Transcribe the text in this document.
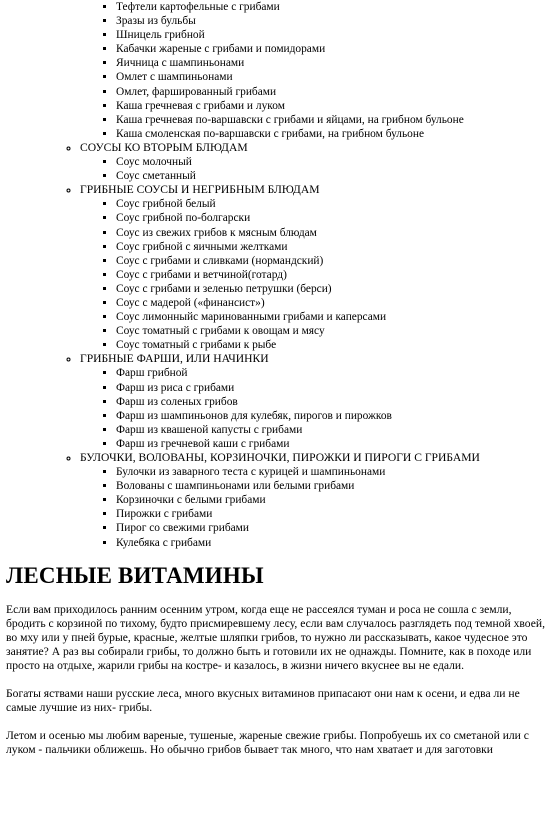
▪ Тефтели картофельные с грибами
▪ Зразы из бульбы
▪ Шницель грибной
▪ Кабачки жареные с грибами и помидорами
▪ Яичница с шампиньонами
▪ Омлет с шампиньонами
▪ Омлет, фаршированный грибами
▪ Каша гречневая с грибами и луком
▪ Каша гречневая по-варшавски с грибами и яйцами, на грибном бульоне
▪ Каша смоленская по-варшавски с грибами, на грибном бульоне
◦ СОУСЫ КО ВТОРЫМ БЛЮДАМ
▪ Соус молочный
▪ Соус сметанный
◦ ГРИБНЫЕ СОУСЫ И НЕГРИБНЫМ БЛЮДАМ
▪ Соус грибной белый
▪ Соус грибной по-болгарски
▪ Соус из свежих грибов к мясным блюдам
▪ Соус грибной с яичными желтками
▪ Соус с грибами и сливками (нормандский)
▪ Соус с грибами и ветчиной(готард)
▪ Соус с грибами и зеленью петрушки (берси)
▪ Соус с мадерой («финансист»)
▪ Соус лимонныйс маринованными грибами и каперсами
▪ Соус томатный с грибами к овощам и мясу
▪ Соус томатный с грибами к рыбе
◦ ГРИБНЫЕ ФАРШИ, ИЛИ НАЧИНКИ
▪ Фарш грибной
▪ Фарш из риса с грибами
▪ Фарш из соленых грибов
▪ Фарш из шампиньонов для кулебяк, пирогов и пирожков
▪ Фарш из квашеной капусты с грибами
▪ Фарш из гречневой каши с грибами
◦ БУЛОЧКИ, ВОЛОВАНЫ, КОРЗИНОЧКИ, ПИРОЖКИ И ПИРОГИ С ГРИБАМИ
▪ Булочки из заварного теста с курицей и шампиньонами
▪ Волованы с шампиньонами или белыми грибами
▪ Корзиночки с белыми грибами
▪ Пирожки с грибами
▪ Пирог со свежими грибами
▪ Кулебяка с грибами
ЛЕСНЫЕ ВИТАМИНЫ

Если вам приходилось ранним осенним утром, когда еще не рассеялся туман и роса не сошла с земли, бродить с корзиной по тихому, будто присмиревшему лесу, если вам случалось разглядеть под темной хвоей, во мху или у пней бурые, красные, желтые шляпки грибов, то нужно ли рассказывать, какое чудесное это занятие? А раз вы собирали грибы, то должно быть и готовили их не однажды. Помните, как в походе или просто на отдыхе, жарили грибы на костре- и казалось, в жизни ничего вкуснее вы не едали.

Богаты яствами наши русские леса, много вкусных витаминов припасают они нам к осени, и едва ли не самые лучшие из них- грибы.

Летом и осенью мы любим вареные, тушеные, жареные свежие грибы. Попробуешь их со сметаной или с луком - пальчики оближешь. Но обычно грибов бывает так много, что нам хватает и для заготовки
